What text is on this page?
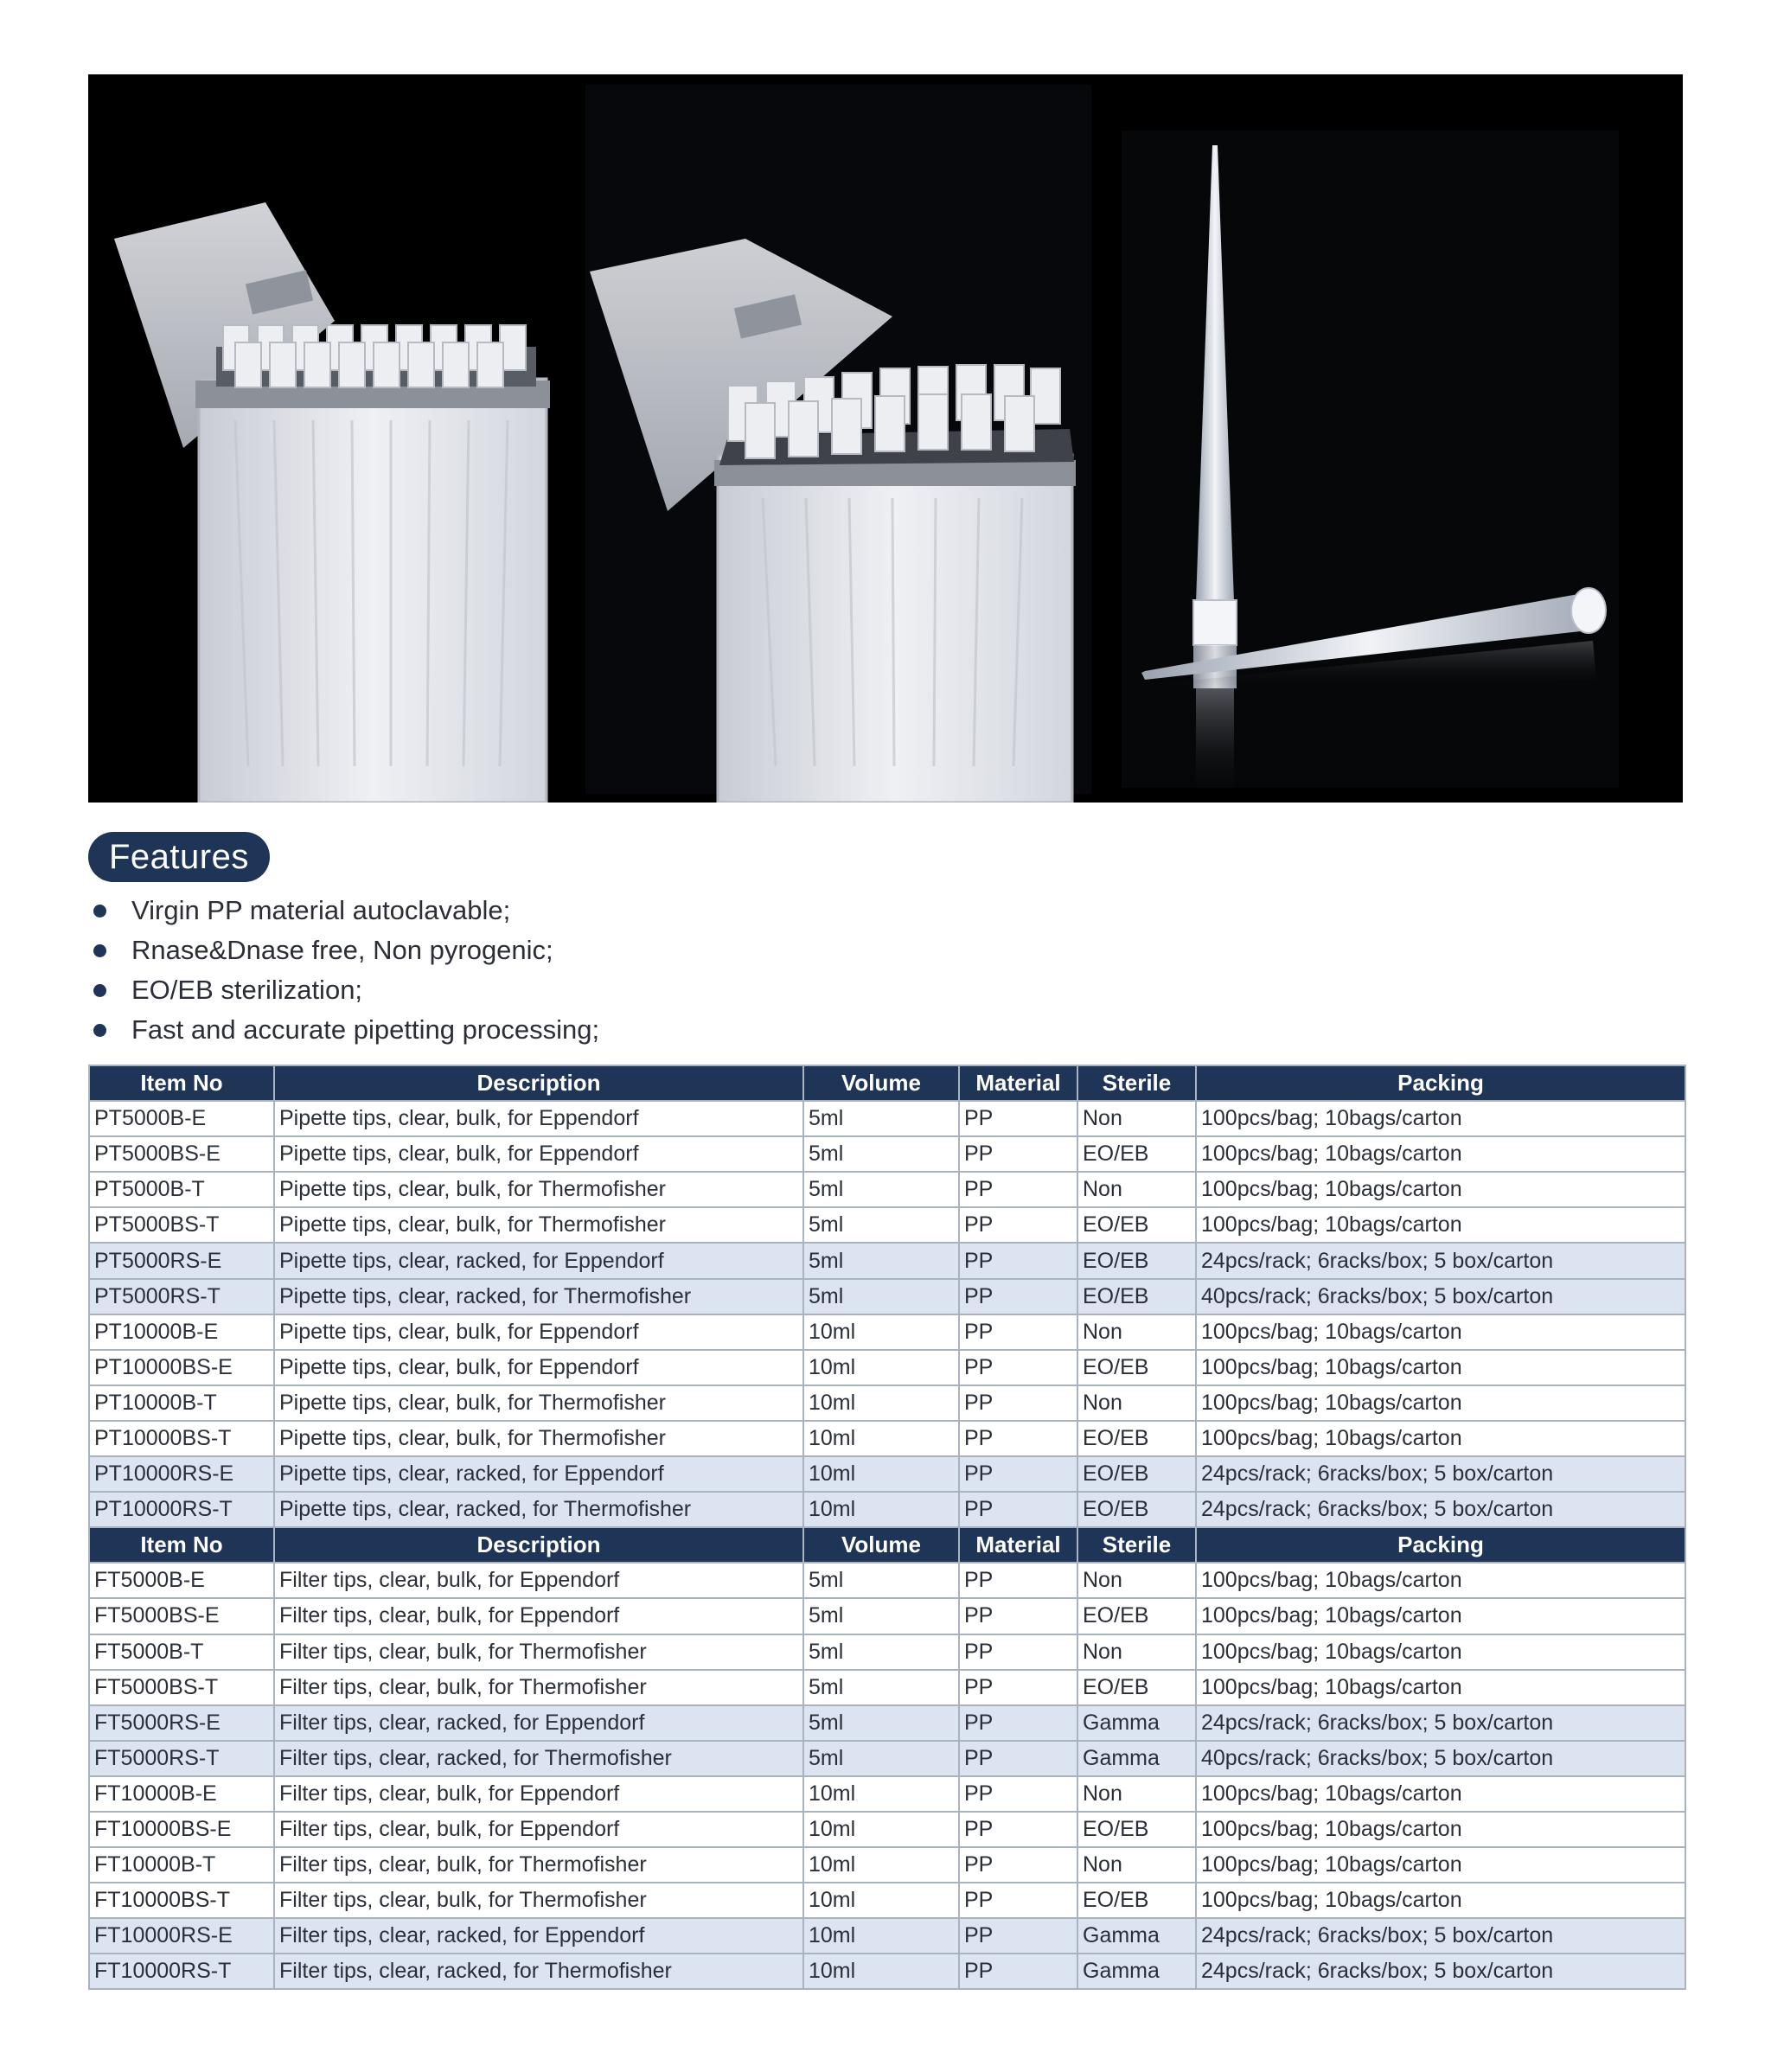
Features
Virgin PP material autoclavable;
Rnase&Dnase free, Non pyrogenic;
EO/EB sterilization;
Fast and accurate pipetting processing;
Item No	Description	Volume	Material	Sterile	Packing
PT5000B-E	Pipette tips, clear, bulk, for Eppendorf	5ml	PP	Non	100pcs/bag; 10bags/carton
PT5000BS-E	Pipette tips, clear, bulk, for Eppendorf	5ml	PP	EO/EB	100pcs/bag; 10bags/carton
PT5000B-T	Pipette tips, clear, bulk, for Thermofisher	5ml	PP	Non	100pcs/bag; 10bags/carton
PT5000BS-T	Pipette tips, clear, bulk, for Thermofisher	5ml	PP	EO/EB	100pcs/bag; 10bags/carton
PT5000RS-E	Pipette tips, clear, racked, for Eppendorf	5ml	PP	EO/EB	24pcs/rack; 6racks/box; 5 box/carton
PT5000RS-T	Pipette tips, clear, racked, for Thermofisher	5ml	PP	EO/EB	40pcs/rack; 6racks/box; 5 box/carton
PT10000B-E	Pipette tips, clear, bulk, for Eppendorf	10ml	PP	Non	100pcs/bag; 10bags/carton
PT10000BS-E	Pipette tips, clear, bulk, for Eppendorf	10ml	PP	EO/EB	100pcs/bag; 10bags/carton
PT10000B-T	Pipette tips, clear, bulk, for Thermofisher	10ml	PP	Non	100pcs/bag; 10bags/carton
PT10000BS-T	Pipette tips, clear, bulk, for Thermofisher	10ml	PP	EO/EB	100pcs/bag; 10bags/carton
PT10000RS-E	Pipette tips, clear, racked, for Eppendorf	10ml	PP	EO/EB	24pcs/rack; 6racks/box; 5 box/carton
PT10000RS-T	Pipette tips, clear, racked, for Thermofisher	10ml	PP	EO/EB	24pcs/rack; 6racks/box; 5 box/carton
Item No	Description	Volume	Material	Sterile	Packing
FT5000B-E	Filter tips, clear, bulk, for Eppendorf	5ml	PP	Non	100pcs/bag; 10bags/carton
FT5000BS-E	Filter tips, clear, bulk, for Eppendorf	5ml	PP	EO/EB	100pcs/bag; 10bags/carton
FT5000B-T	Filter tips, clear, bulk, for Thermofisher	5ml	PP	Non	100pcs/bag; 10bags/carton
FT5000BS-T	Filter tips, clear, bulk, for Thermofisher	5ml	PP	EO/EB	100pcs/bag; 10bags/carton
FT5000RS-E	Filter tips, clear, racked, for Eppendorf	5ml	PP	Gamma	24pcs/rack; 6racks/box; 5 box/carton
FT5000RS-T	Filter tips, clear, racked, for Thermofisher	5ml	PP	Gamma	40pcs/rack; 6racks/box; 5 box/carton
FT10000B-E	Filter tips, clear, bulk, for Eppendorf	10ml	PP	Non	100pcs/bag; 10bags/carton
FT10000BS-E	Filter tips, clear, bulk, for Eppendorf	10ml	PP	EO/EB	100pcs/bag; 10bags/carton
FT10000B-T	Filter tips, clear, bulk, for Thermofisher	10ml	PP	Non	100pcs/bag; 10bags/carton
FT10000BS-T	Filter tips, clear, bulk, for Thermofisher	10ml	PP	EO/EB	100pcs/bag; 10bags/carton
FT10000RS-E	Filter tips, clear, racked, for Eppendorf	10ml	PP	Gamma	24pcs/rack; 6racks/box; 5 box/carton
FT10000RS-T	Filter tips, clear, racked, for Thermofisher	10ml	PP	Gamma	24pcs/rack; 6racks/box; 5 box/carton
